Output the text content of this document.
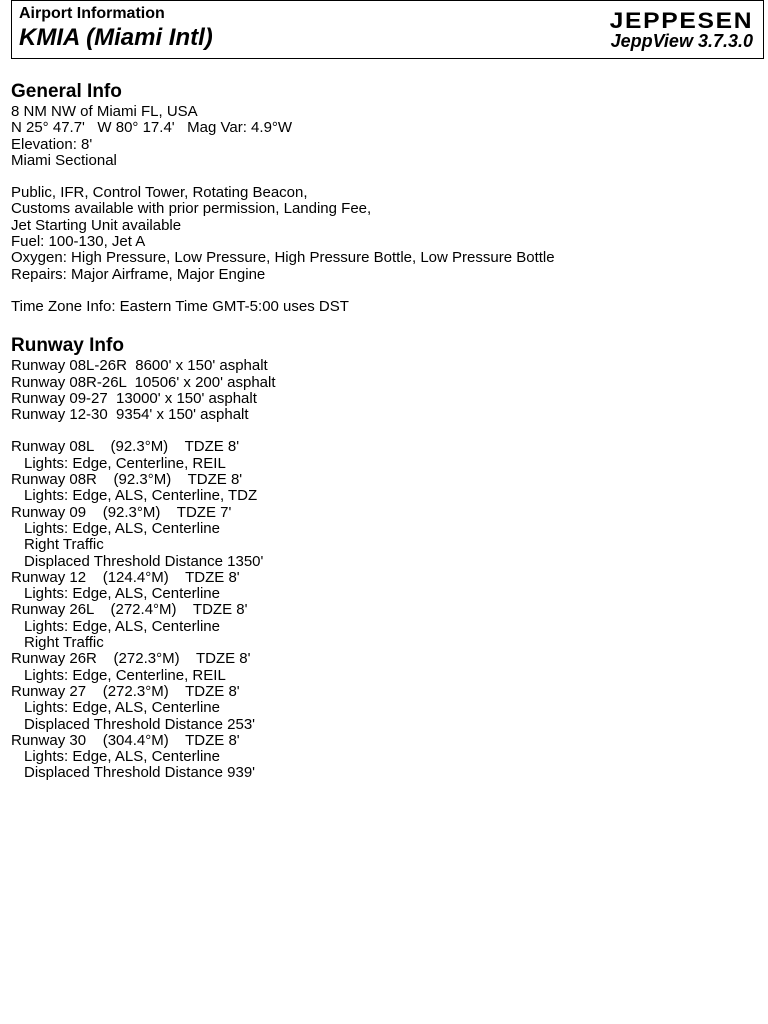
Airport Information
KMIA (Miami Intl)
JEPPESEN
JeppView 3.7.3.0
General Info
8 NM NW of Miami FL, USA
N 25° 47.7'   W 80° 17.4'   Mag Var: 4.9°W
Elevation: 8'
Miami Sectional
Public, IFR, Control Tower, Rotating Beacon,
Customs available with prior permission, Landing Fee,
Jet Starting Unit available
Fuel: 100-130, Jet A
Oxygen: High Pressure, Low Pressure, High Pressure Bottle, Low Pressure Bottle
Repairs: Major Airframe, Major Engine
Time Zone Info: Eastern Time GMT-5:00 uses DST
Runway Info
Runway 08L-26R  8600' x 150' asphalt
Runway 08R-26L  10506' x 200' asphalt
Runway 09-27  13000' x 150' asphalt
Runway 12-30  9354' x 150' asphalt
Runway 08L    (92.3°M)    TDZE 8'
Lights: Edge, Centerline, REIL
Runway 08R    (92.3°M)    TDZE 8'
Lights: Edge, ALS, Centerline, TDZ
Runway 09    (92.3°M)    TDZE 7'
Lights: Edge, ALS, Centerline
Right Traffic
Displaced Threshold Distance 1350'
Runway 12    (124.4°M)    TDZE 8'
Lights: Edge, ALS, Centerline
Runway 26L    (272.4°M)    TDZE 8'
Lights: Edge, ALS, Centerline
Right Traffic
Runway 26R    (272.3°M)    TDZE 8'
Lights: Edge, Centerline, REIL
Runway 27    (272.3°M)    TDZE 8'
Lights: Edge, ALS, Centerline
Displaced Threshold Distance 253'
Runway 30    (304.4°M)    TDZE 8'
Lights: Edge, ALS, Centerline
Displaced Threshold Distance 939'
